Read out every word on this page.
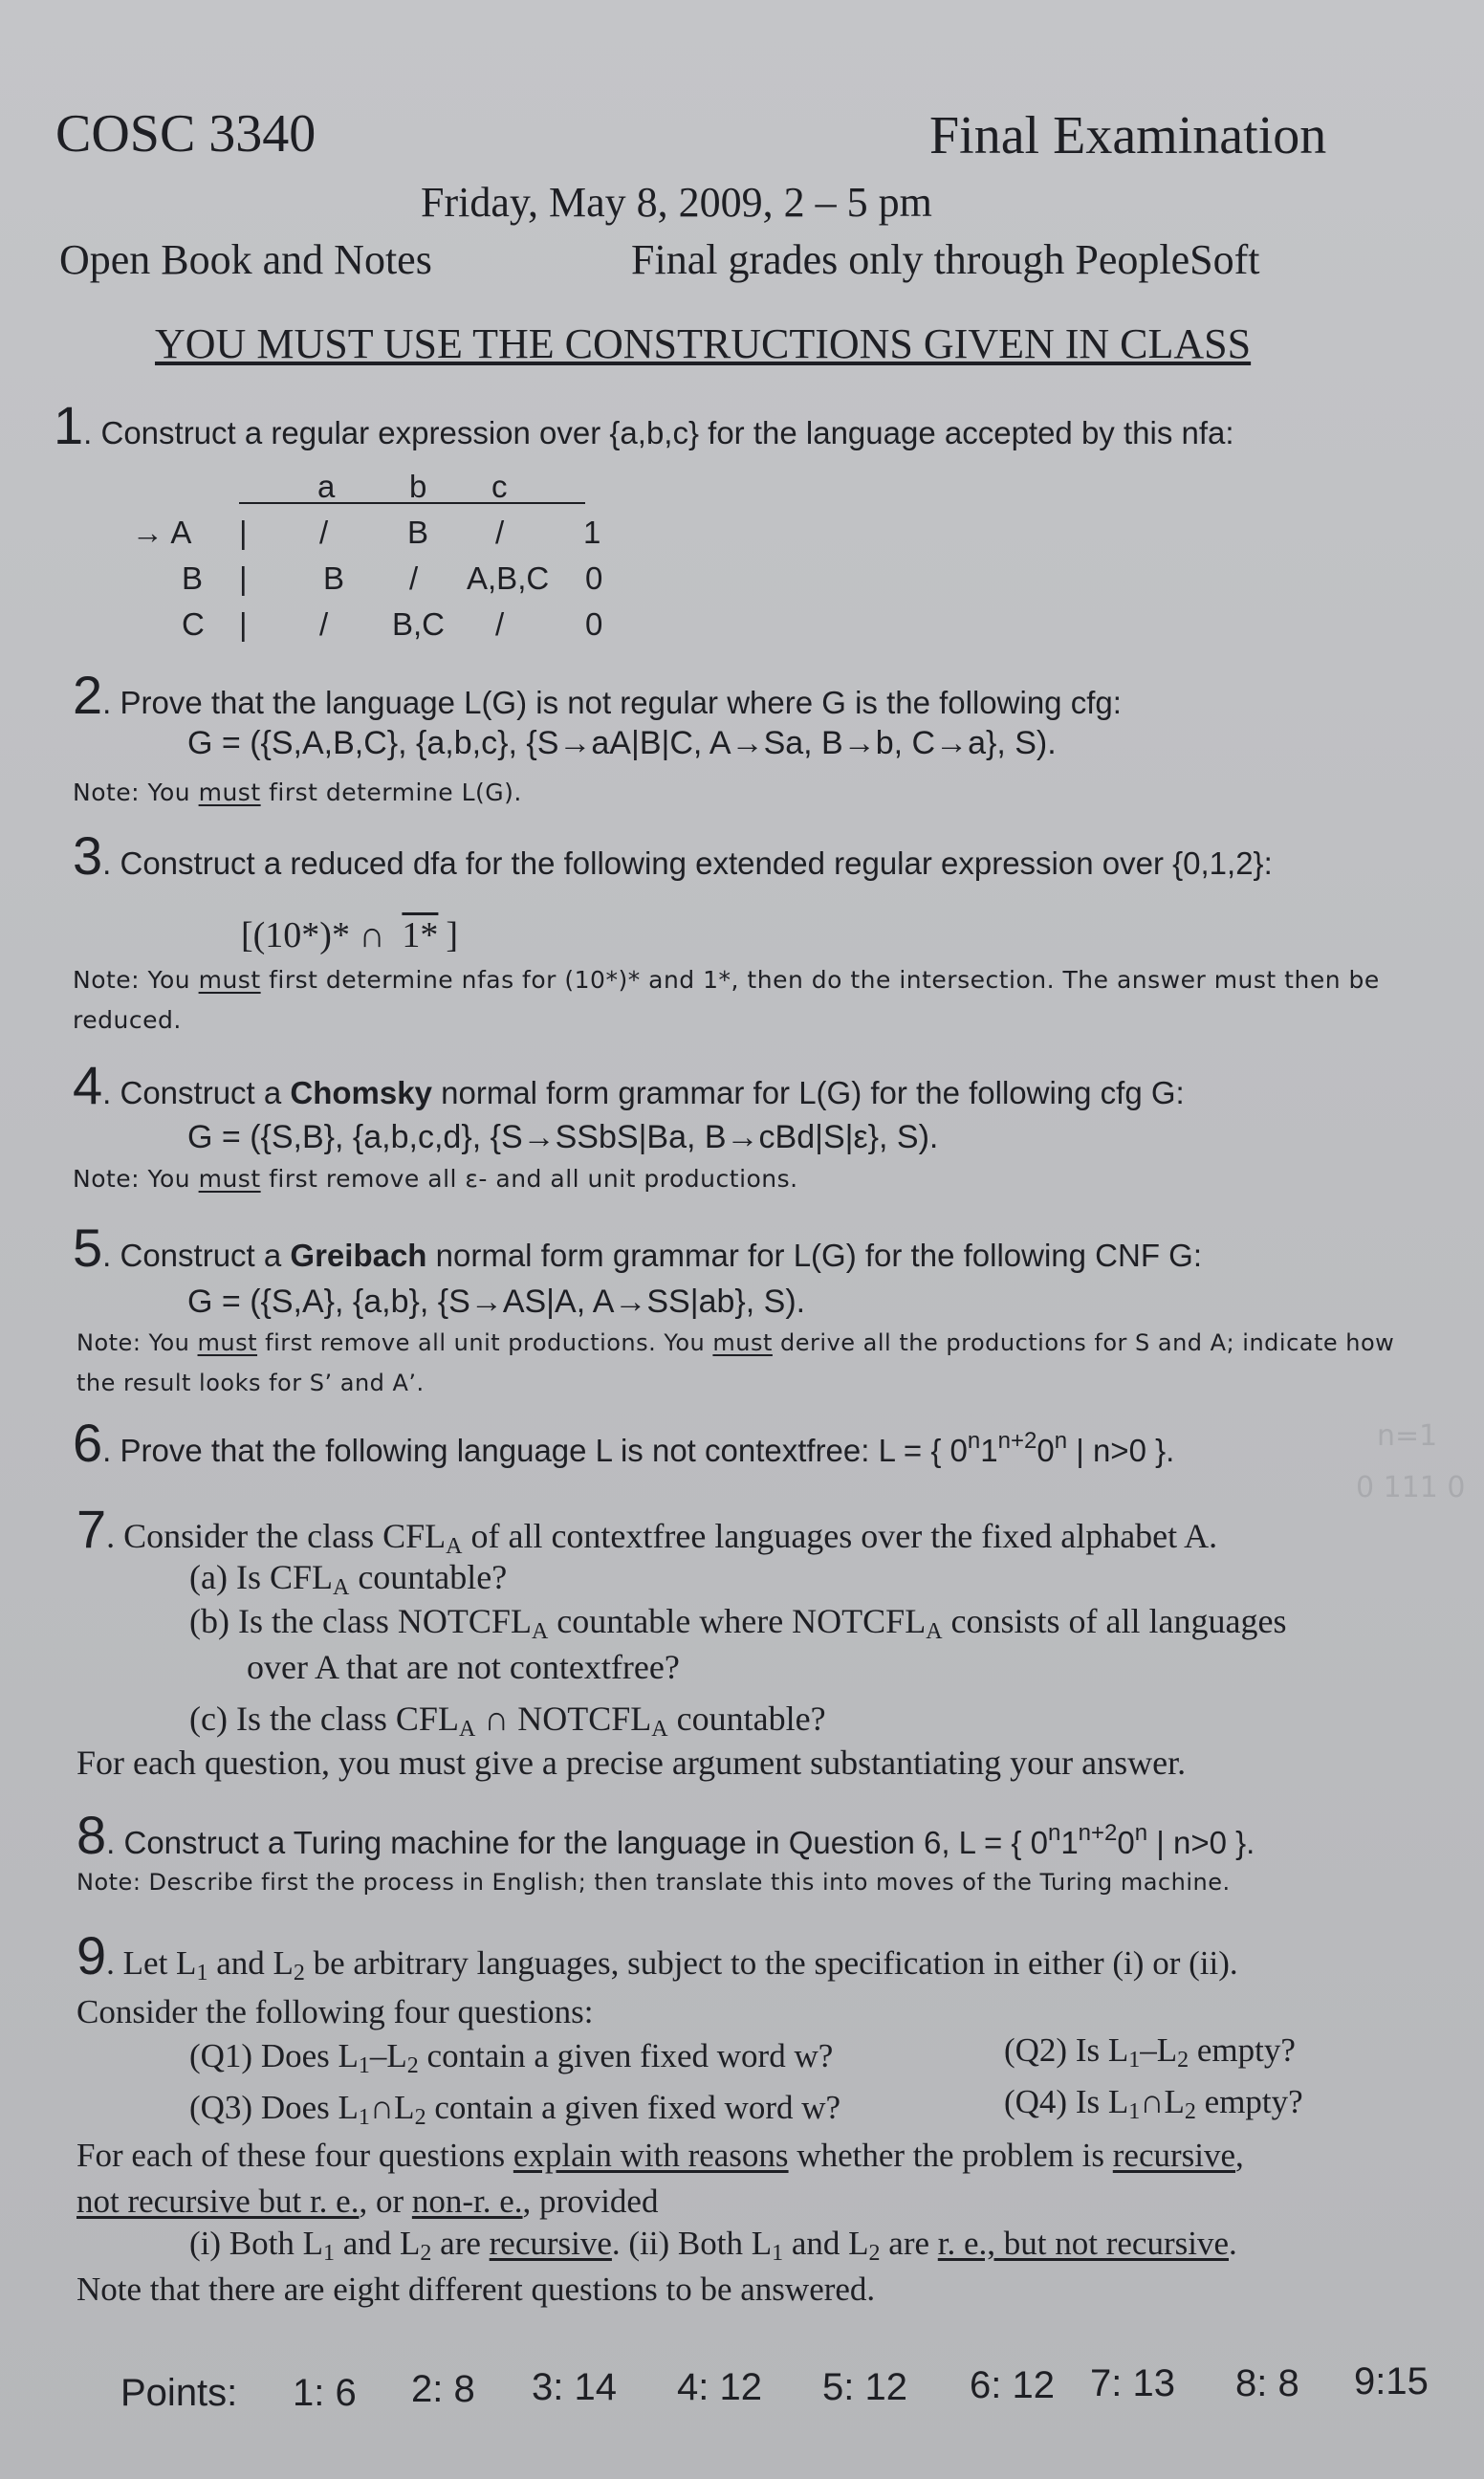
COSC 3340	Final Examination
Friday, May 8, 2009, 2 – 5 pm
Open Book and Notes	Final grades only through PeopleSoft
YOU MUST USE THE CONSTRUCTIONS GIVEN IN CLASS
1. Construct a regular expression over {a,b,c} for the language accepted by this nfa:
a b c
→ A | /	B /	1
B | B / A,B,C 0
C | / B,C /	0
2. Prove that the language L(G) is not regular where G is the following cfg:
G = ({S,A,B,C}, {a,b,c}, {S→aA|B|C, A→Sa, B→b, C→a}, S).
Note: You must first determine L(G).
3. Construct a reduced dfa for the following extended regular expression over {0,1,2}:
[(10*)* ∩ 1* ]
Note: You must first determine nfas for (10*)* and 1*, then do the intersection. The answer must then be
reduced.
4. Construct a Chomsky normal form grammar for L(G) for the following cfg G:
G = ({S,B}, {a,b,c,d}, {S→SSbS|Ba, B→cBd|S|ε}, S).
Note: You must first remove all ε- and all unit productions.
5. Construct a Greibach normal form grammar for L(G) for the following CNF G:
G = ({S,A}, {a,b}, {S→AS|A, A→SS|ab}, S).
Note: You must first remove all unit productions. You must derive all the productions for S and A; indicate how
the result looks for S’ and A’.
6. Prove that the following language L is not contextfree: L = { $0^n1^{n+2}0^n$ | n>0 }.	n=1
0 111 0
7. Consider the class $CFL_A$ of all contextfree languages over the fixed alphabet A.
(a) Is $CFL_A$ countable?
(b) Is the class $NOTCFL_A$ countable where $NOTCFL_A$ consists of all languages
over A that are not contextfree?
(c) Is the class $CFL_A$ ∩ $NOTCFL_A$ countable?
For each question, you must give a precise argument substantiating your answer.
8. Construct a Turing machine for the language in Question 6, L = { $0^n1^{n+2}0^n$ | n>0 }.
Note: Describe first the process in English; then translate this into moves of the Turing machine.
9. Let $L_1$ and $L_2$ be arbitrary languages, subject to the specification in either (i) or (ii).
Consider the following four questions:
(Q1) Does $L_1-L_2$ contain a given fixed word w?	(Q2) Is $L_1-L_2$ empty?
(Q3) Does $L_1\cap L_2$ contain a given fixed word w?	(Q4) Is $L_1\cap L_2$ empty?
For each of these four questions explain with reasons whether the problem is recursive,
not recursive but r. e., or non-r. e., provided
(i) Both $L_1$ and $L_2$ are recursive. (ii) Both $L_1$ and $L_2$ are r. e., but not recursive.
Note that there are eight different questions to be answered.
Points: 1: 6 2: 8 3: 14 4: 12 5: 12 6: 12 7: 13 8: 8 9:15
